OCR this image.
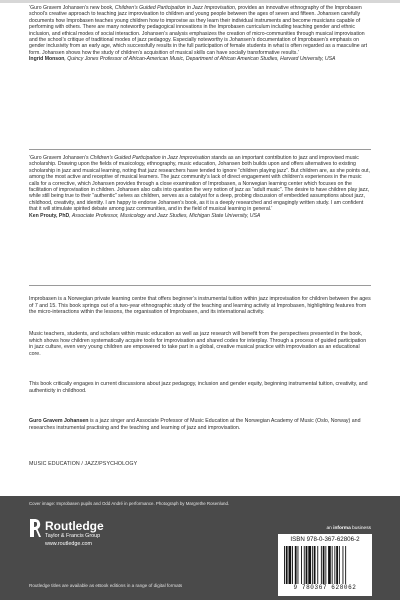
‘Guro Gravem Johansen’s new book, Children’s Guided Participation in Jazz Improvisation, provides an innovative ethnography of the Improbasen school’s creative approach to teaching jazz improvisation to children and young people between the ages of seven and fifteen. Johansen carefully documents how Improbasen teaches young children how to improvise as they learn their individual instruments and become musicians capable of performing with others. There are many noteworthy pedagogical innovations in the Improbasen curriculum including teaching gender and ethnic inclusion, and ethical modes of social interaction. Johansen’s analysis emphasizes the creation of micro-communities through musical improvisation and the school’s critique of traditional modes of jazz pedagogy. Especially noteworthy is Johansen’s documentation of Improbasen’s emphasis on gender inclusivity from an early age, which successfully results in the full participation of female students in what is often regarded as a masculine art form. Johansen shows how the study of children’s acquisition of musical skills can have socially transformative results.’

Ingrid Monson, Quincy Jones Professor of African-American Music, Department of African American Studies, Harvard University, USA

‘Guro Gravem Johansen’s Children’s Guided Participation in Jazz Improvisation stands as an important contribution to jazz and improvised music scholarship. Drawing upon the fields of musicology, ethnography, music education, Johansen both builds upon and offers alternatives to existing scholarship in jazz and musical learning, noting that jazz researchers have tended to ignore “children playing jazz”. But children are, as she points out, among the most active and receptive of musical learners. The jazz community’s lack of direct engagement with children’s experiences in the music calls for a corrective, which Johansen provides through a close examination of Improbasen, a Norwegian learning center which focuses on the facilitation of improvisation in children. Johansen also calls into question the very notion of jazz as “adult music”. The desire to have children play jazz, while still being true to their “authentic” selves as children, serves as a catalyst for a deep, probing discussion of embedded assumptions about jazz, childhood, creativity, and identity. I am happy to endorse Johansen’s book, as it is a deeply researched and engagingly written study. I am confident that it will stimulate spirited debate among jazz communities, and in the field of musical learning in general.’

Ken Prouty, PhD, Associate Professor, Musicology and Jazz Studies, Michigan State University, USA

Improbasen is a Norwegian private learning centre that offers beginner’s instrumental tuition within jazz improvisation for children between the ages of 7 and 15. This book springs out of a two-year ethnographic study of the teaching and learning activity at Improbasen, highlighting features from the micro-interactions within the lessons, the organisation of Improbasen, and its international activity.

Music teachers, students, and scholars within music education as well as jazz research will benefit from the perspectives presented in the book, which shows how children systematically acquire tools for improvisation and shared codes for interplay. Through a process of guided participation in jazz culture, even very young children are empowered to take part in a global, creative musical practice with improvisation as an educational core.

This book critically engages in current discussions about jazz pedagogy, inclusion and gender equity, beginning instrumental tuition, creativity, and authenticity in childhood.

Guro Gravem Johansen is a jazz singer and Associate Professor of Music Education at the Norwegian Academy of Music (Oslo, Norway) and researches instrumental practising and the teaching and learning of jazz and improvisation.

MUSIC EDUCATION / JAZZ/PSYCHOLOGY
Cover image: Improbasen pupils and Odd André in performance. Photograph by Margrethe Rosenlund.
Routledge
Taylor & Francis Group
www.routledge.com
Routledge titles are available as eBook editions in a range of digital formats
an informa business
ISBN 978-0-367-62806-2
9 780367 628062
